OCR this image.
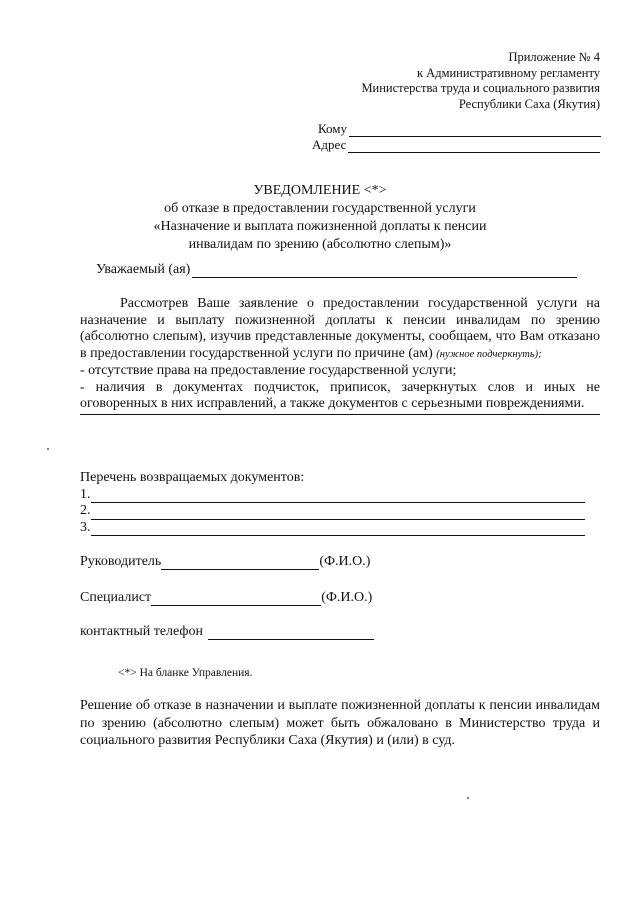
Приложение № 4
к Административному регламенту
Министерства труда и социального развития
Республики Саха (Якутия)
Кому
Адрес
УВЕДОМЛЕНИЕ <*>
об отказе в предоставлении государственной услуги
«Назначение и выплата пожизненной доплаты к пенсии
инвалидам по зрению (абсолютно слепым)»
Уважаемый (ая)

Рассмотрев Ваше заявление о предоставлении государственной услуги на назначение и выплату пожизненной доплаты к пенсии инвалидам по зрению (абсолютно слепым), изучив представленные документы, сообщаем, что Вам отказано в предоставлении государственной услуги по причине (ам) (нужное подчеркнуть);

- отсутствие права на предоставление государственной услуги;

- наличия в документах подчисток, приписок, зачеркнутых слов и иных не оговоренных в них исправлений, а также документов с серьезными повреждениями.

Перечень возвращаемых документов:
1.
2.
3.
Руководитель	(Ф.И.О.)
Специалист	(Ф.И.О.)
контактный телефон
<*> На бланке Управления.
Решение об отказе в назначении и выплате пожизненной доплаты к пенсии инвалидам по зрению (абсолютно слепым) может быть обжаловано в Министерство труда и социального развития Республики Саха (Якутия) и (или) в суд.
